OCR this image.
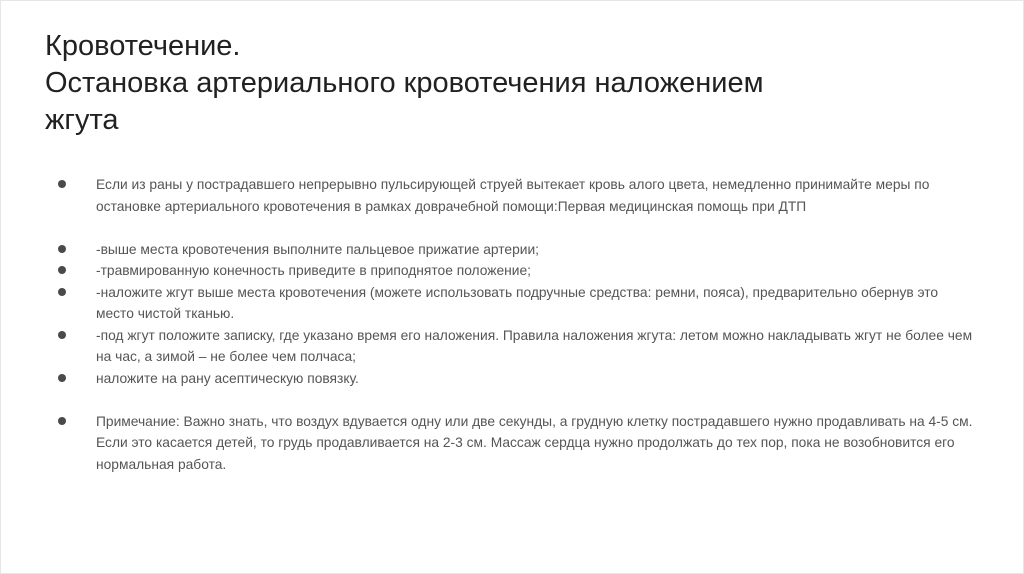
Кровотечение.
Остановка артериального кровотечения наложением
жгута
Если из раны у пострадавшего непрерывно пульсирующей струей вытекает кровь алого цвета, немедленно принимайте меры по остановке артериального кровотечения в рамках доврачебной помощи:Первая медицинская помощь при ДТП
-выше места кровотечения выполните пальцевое прижатие артерии;
-травмированную конечность приведите в приподнятое положение;
-наложите жгут выше места кровотечения (можете использовать подручные средства: ремни, пояса), предварительно обернув это место чистой тканью.
-под жгут положите записку, где указано время его наложения. Правила наложения жгута: летом можно накладывать жгут не более чем на час, а зимой – не более чем полчаса;
наложите на рану асептическую повязку.
Примечание: Важно знать, что воздух вдувается одну или две секунды, а грудную клетку пострадавшего нужно продавливать на 4-5 см. Если это касается детей, то грудь продавливается на 2-3 см. Массаж сердца нужно продолжать до тех пор, пока не возобновится его нормальная работа.
